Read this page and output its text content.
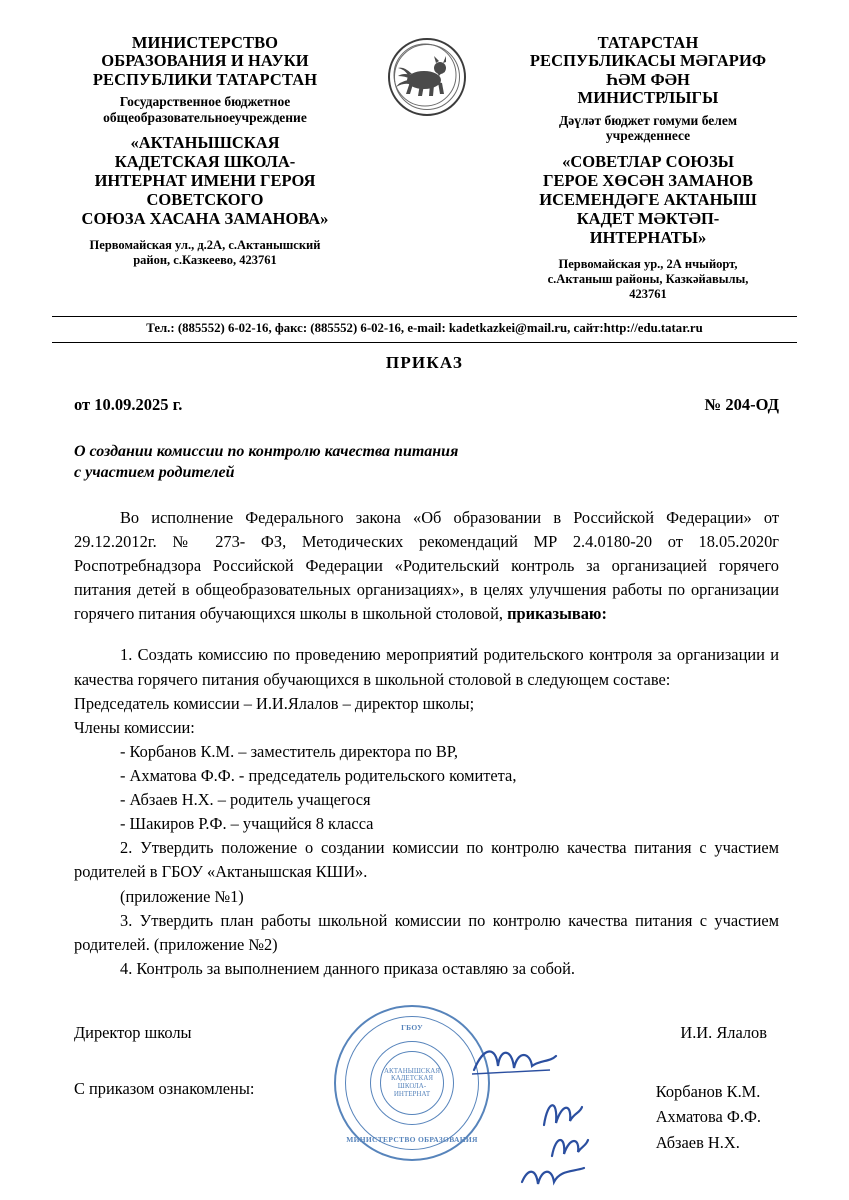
МИНИСТЕРСТВО
ОБРАЗОВАНИЯ И НАУКИ
РЕСПУБЛИКИ ТАТАРСТАН
Государственное бюджетное
общеобразовательноеучреждение
«АКТАНЫШСКАЯ
КАДЕТСКАЯ ШКОЛА-
ИНТЕРНАТ ИМЕНИ ГЕРОЯ
СОВЕТСКОГО
СОЮЗА ХАСАНА ЗАМАНОВА»
Первомайская ул., д.2А, с.Актанышский
район, с.Казкеево, 423761
ТАТАРСТАН
РЕСПУБЛИКАСЫ МӘГАРИФ
ҺӘМ ФӘН
МИНИСТРЛЫГЫ
Дәүләт бюджет гомуми белем
учрежденнесе
«СОВЕТЛАР СОЮЗЫ
ГЕРОЕ ХӨСӘН ЗАМАНОВ
ИСЕМЕНДӘГЕ АКТАНЫШ
КАДЕТ МӘКТӘП-
ИНТЕРНАТЫ»
Первомайская ур., 2А нчыйорт,
с.Актаныш районы, Казкәйавылы,
423761
Тел.: (885552) 6-02-16, факс: (885552) 6-02-16, e-mail: kadetkazkei@mail.ru, сайт:http://edu.tatar.ru
ПРИКАЗ
от 10.09.2025 г.	№ 204-ОД
О создании комиссии по контролю качества питания
с участием родителей

Во исполнение Федерального закона «Об образовании в Российской Федерации» от 29.12.2012г. № 273- ФЗ, Методических рекомендаций МР 2.4.0180-20 от 18.05.2020г Роспотребнадзора Российской Федерации «Родительский контроль за организацией горячего питания детей в общеобразовательных организациях», в целях улучшения работы по организации горячего питания обучающихся школы в школьной столовой, приказываю:

1. Создать комиссию по проведению мероприятий родительского контроля за организации и качества горячего питания обучающихся в школьной столовой в следующем составе:

Председатель комиссии – И.И.Ялалов – директор школы;

Члены комиссии:

- Корбанов К.М. – заместитель директора по ВР,

- Ахматова Ф.Ф. - председатель родительского комитета,

- Абзаев Н.Х. – родитель учащегося

- Шакиров Р.Ф. – учащийся 8 класса

2. Утвердить положение о создании комиссии по контролю качества питания с участием родителей в ГБОУ «Актанышская КШИ».

(приложение №1)

3. Утвердить план работы школьной комиссии по контролю качества питания с участием родителей. (приложение №2)

4. Контроль за выполнением данного приказа оставляю за собой.

Директор школы	И.И. Ялалов
С приказом ознакомлены:	Корбанов К.М.
Ахматова Ф.Ф.
Абзаев Н.Х.
ГБОУ
АКТАНЫШСКАЯ КАДЕТСКАЯ ШКОЛА-ИНТЕРНАТ
МИНИСТЕРСТВО ОБРАЗОВАНИЯ
